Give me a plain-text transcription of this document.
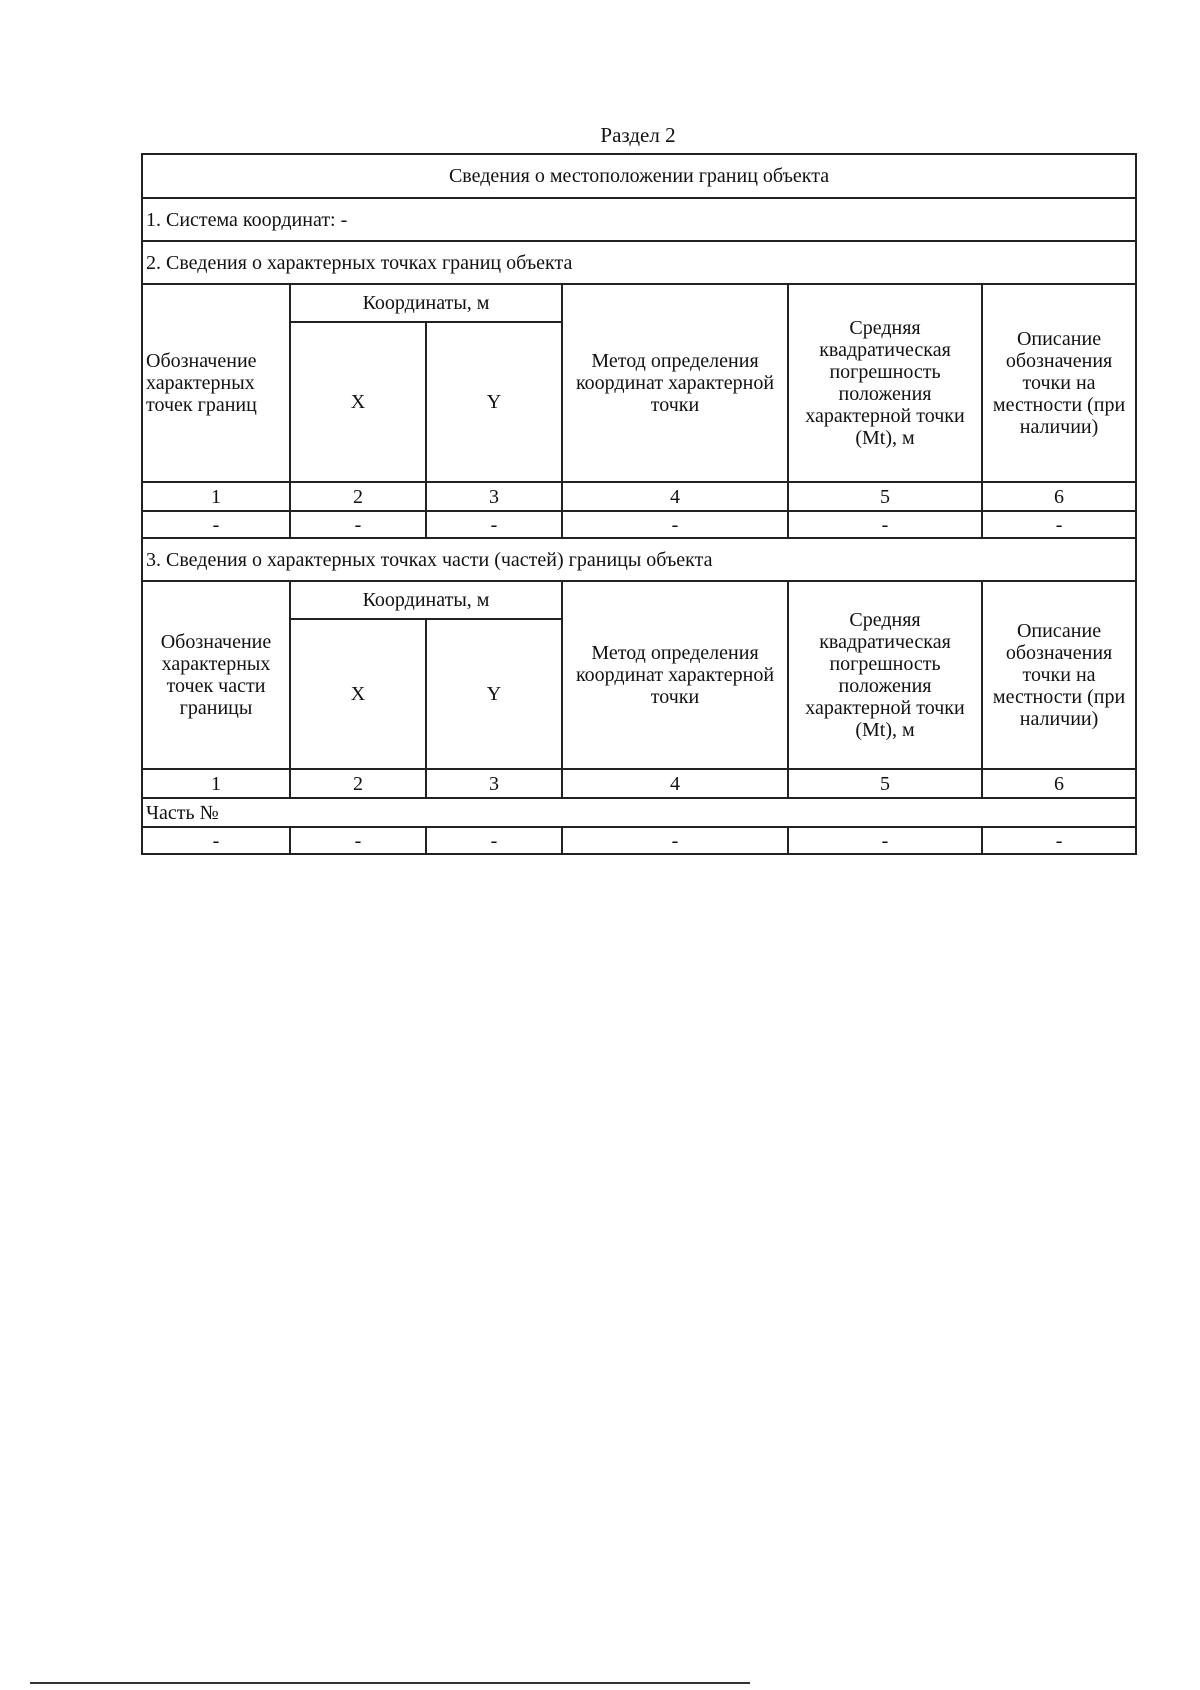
Раздел 2
Сведения о местоположении границ объекта					
1. Система координат: -					
2. Сведения о характерных точках границ объекта					
Обозначение характерных точек границ	Координаты, м		Метод определения координат характерной точки	Средняя квадратическая погрешность положения характерной точки (Mt), м	Описание обозначения точки на местности (при наличии)
	X	Y			
1	2	3	4	5	6
-	-	-	-	-	-
3. Сведения о характерных точках части (частей) границы объекта					
Обозначение характерных точек части границы	Координаты, м		Метод определения координат характерной точки	Средняя квадратическая погрешность положения характерной точки (Mt), м	Описание обозначения точки на местности (при наличии)
	X	Y			
1	2	3	4	5	6
Часть №					
-	-	-	-	-	-
